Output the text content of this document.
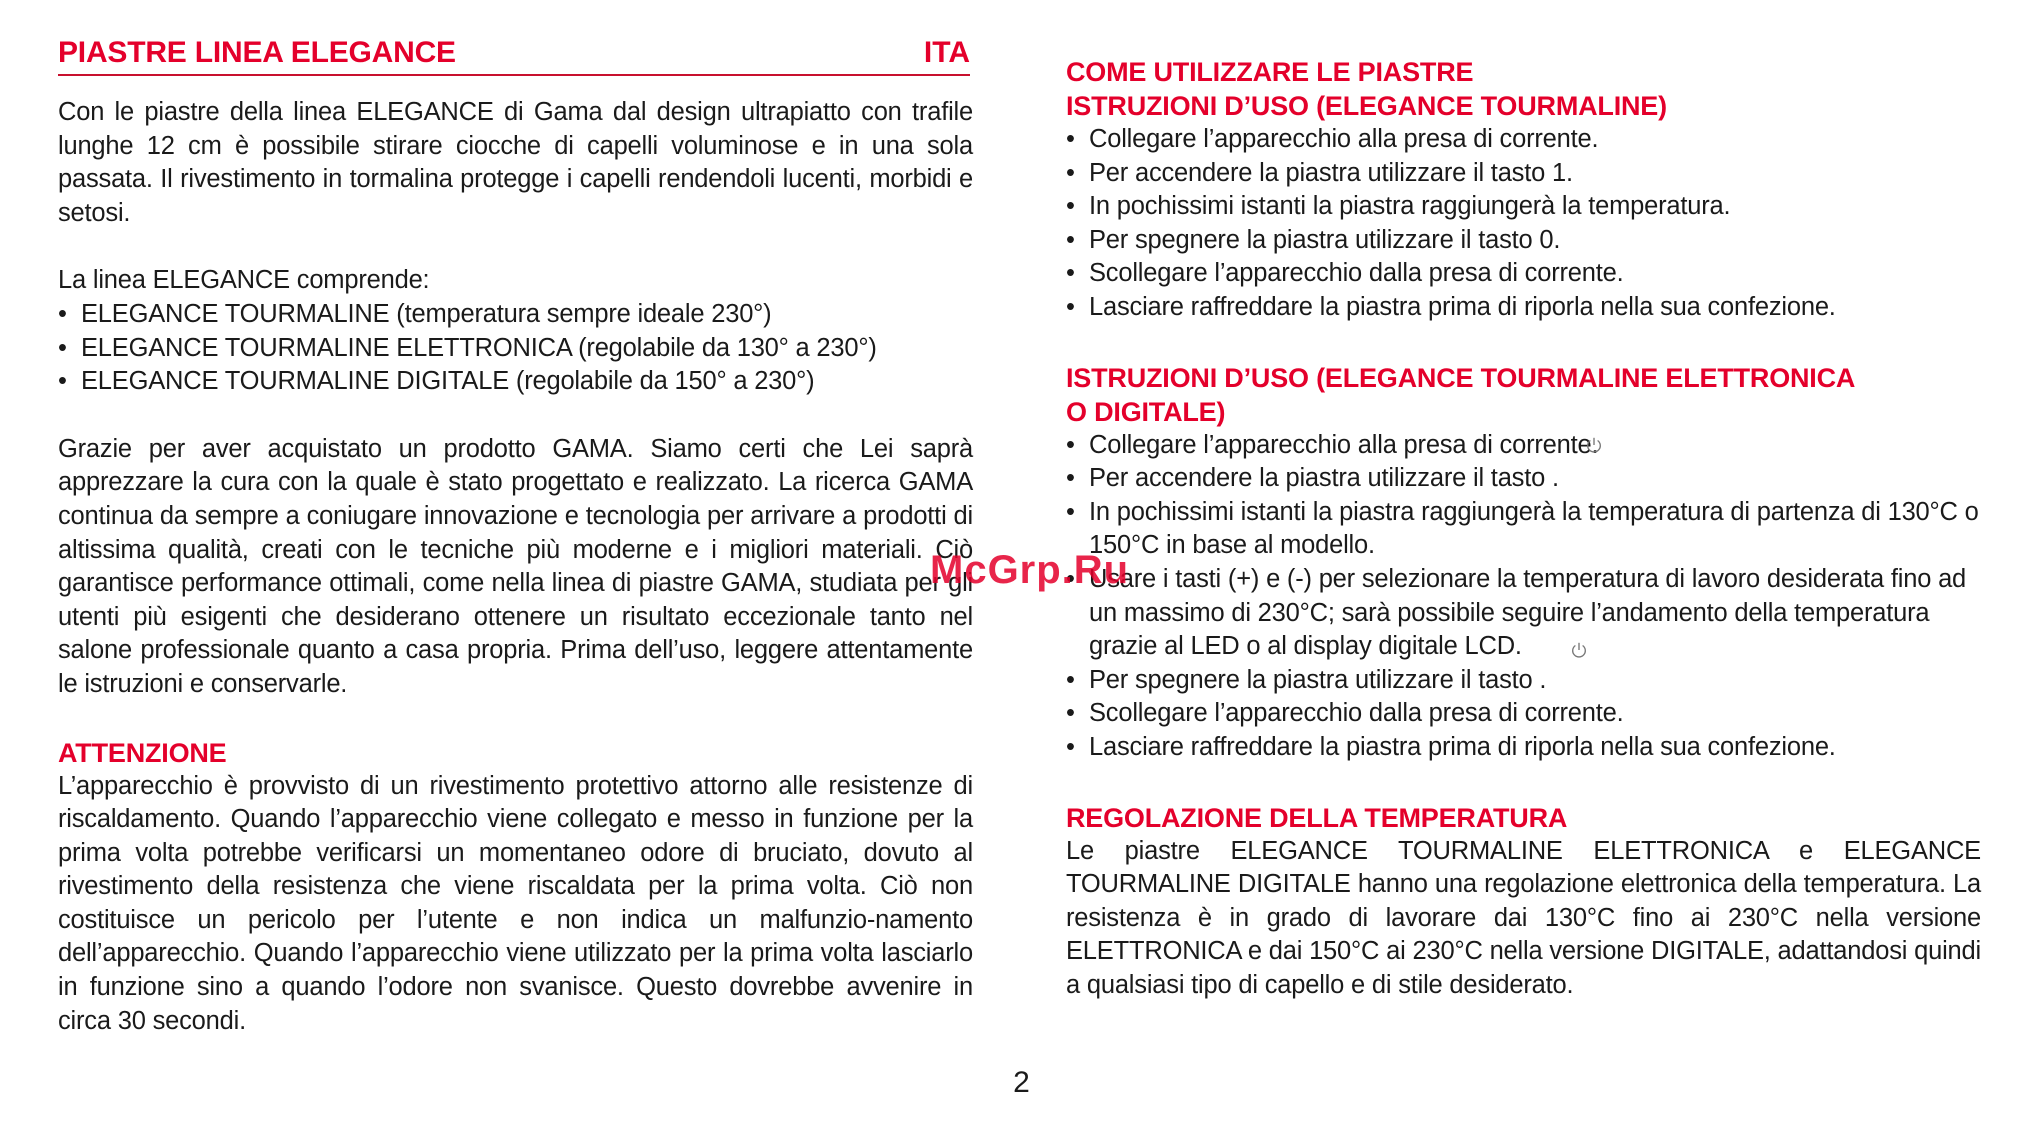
PIASTRE LINEA ELEGANCE	ITA

Con le piastre della linea ELEGANCE di Gama dal design ultrapiatto con trafile lunghe 12 cm è possibile stirare ciocche di capelli voluminose e in una sola passata. Il rivestimento in tormalina protegge i capelli rendendoli lucenti, morbidi e setosi.

La linea ELEGANCE comprende:

• ELEGANCE TOURMALINE (temperatura sempre ideale 230°)
• ELEGANCE TOURMALINE ELETTRONICA (regolabile da 130° a 230°)
• ELEGANCE TOURMALINE DIGITALE (regolabile da 150° a 230°)

Grazie per aver acquistato un prodotto GAMA. Siamo certi che Lei saprà apprezzare la cura con la quale è stato progettato e realizzato. La ricerca GAMA continua da sempre a coniugare innovazione e tecnologia per arrivare a prodotti di altissima qualità, creati con le tecniche più moderne e i migliori materiali. Ciò garantisce performance ottimali, come nella linea di piastre GAMA, studiata per gli utenti più esigenti che desiderano ottenere un risultato eccezionale tanto nel salone professionale quanto a casa propria. Prima dell’uso, leggere attentamente le istruzioni e conservarle.

ATTENZIONE

L’apparecchio è provvisto di un rivestimento protettivo attorno alle resistenze di riscaldamento. Quando l’apparecchio viene collegato e messo in funzione per la prima volta potrebbe verificarsi un momentaneo odore di bruciato, dovuto al rivestimento della resistenza che viene riscaldata per la prima volta. Ciò non costituisce un pericolo per l’utente e non indica un malfunzio-namento dell’apparecchio. Quando l’apparecchio viene utilizzato per la prima volta lasciarlo in funzione sino a quando l’odore non svanisce. Questo dovrebbe avvenire in circa 30 secondi.

COME UTILIZZARE LE PIASTRE
ISTRUZIONI D’USO (ELEGANCE TOURMALINE)
• Collegare l’apparecchio alla presa di corrente.
• Per accendere la piastra utilizzare il tasto 1.
• In pochissimi istanti la piastra raggiungerà la temperatura.
• Per spegnere la piastra utilizzare il tasto 0.
• Scollegare l’apparecchio dalla presa di corrente.
• Lasciare raffreddare la piastra prima di riporla nella sua confezione.
ISTRUZIONI D’USO (ELEGANCE TOURMALINE ELETTRONICA
O DIGITALE)
• Collegare l’apparecchio alla presa di corrente.
• Per accendere la piastra utilizzare il tasto .
• In pochissimi istanti la piastra raggiungerà la temperatura di partenza di 130°C o 150°C in base al modello.
• Usare i tasti (+) e (-) per selezionare la temperatura di lavoro desiderata fino ad un massimo di 230°C; sarà possibile seguire l’andamento della temperatura grazie al LED o al display digitale LCD.
• Per spegnere la piastra utilizzare il tasto .
• Scollegare l’apparecchio dalla presa di corrente.
• Lasciare raffreddare la piastra prima di riporla nella sua confezione.
REGOLAZIONE DELLA TEMPERATURA

Le piastre ELEGANCE TOURMALINE ELETTRONICA e ELEGANCE TOURMALINE DIGITALE hanno una regolazione elettronica della temperatura. La resistenza è in grado di lavorare dai 130°C fino ai 230°C nella versione ELETTRONICA e dai 150°C ai 230°C nella versione DIGITALE, adattandosi quindi a qualsiasi tipo di capello e di stile desiderato.

McGrp.Ru
2
